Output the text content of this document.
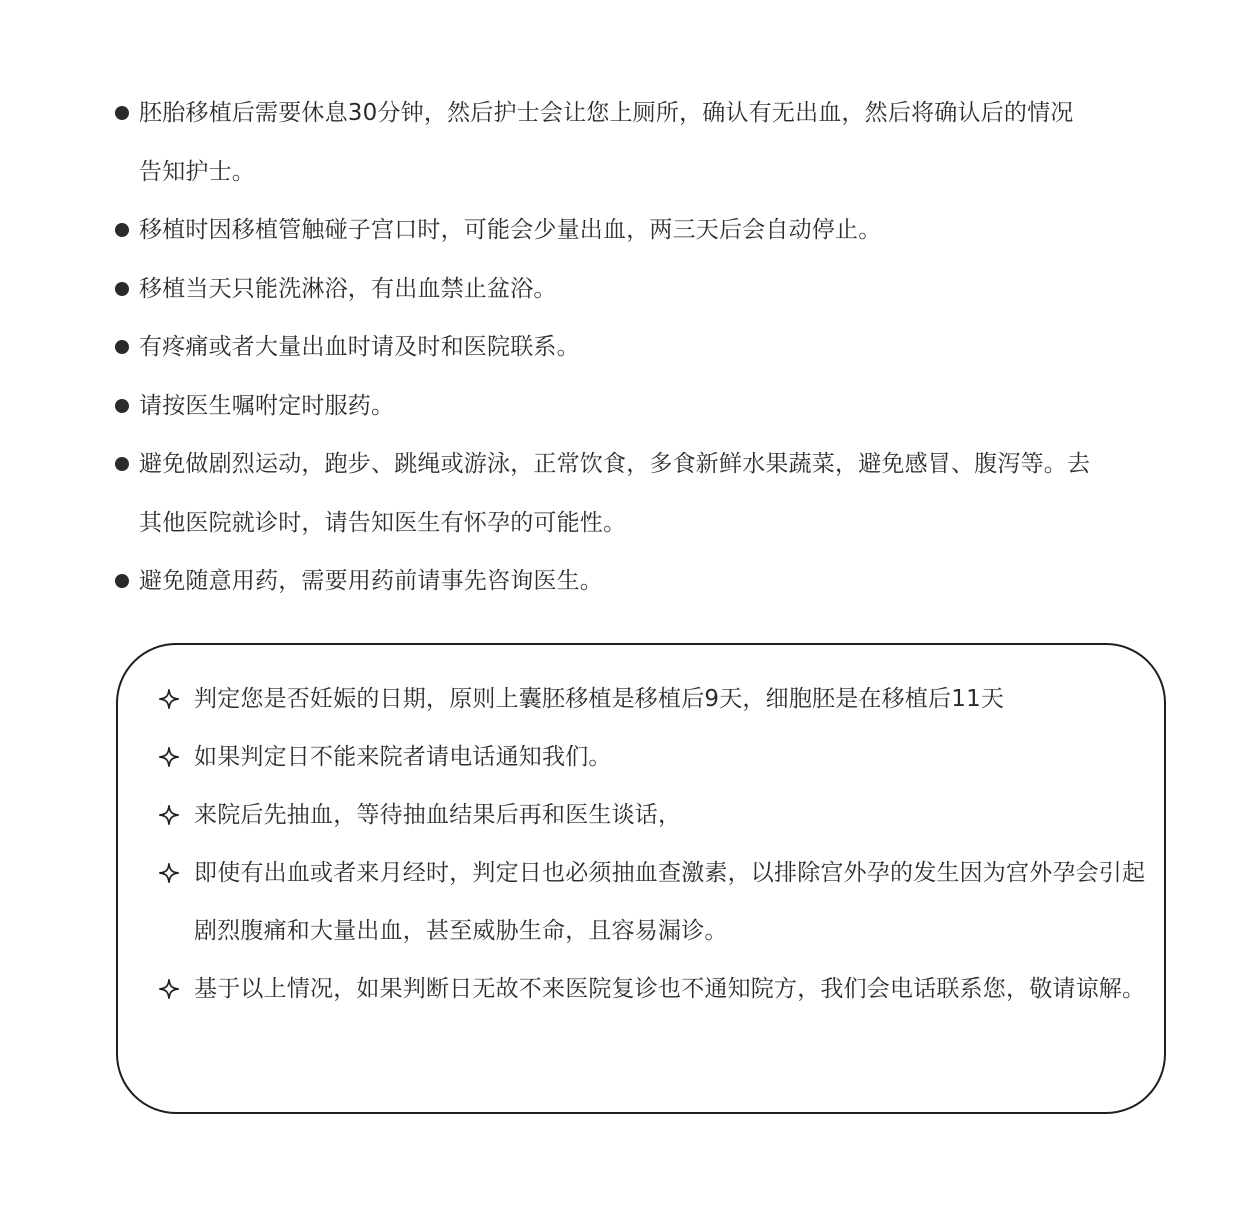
胚胎移植后需要休息30分钟，然后护士会让您上厕所，确认有无出血，然后将确认后的情况告知护士。
移植时因移植管触碰子宫口时，可能会少量出血，两三天后会自动停止。
移植当天只能洗淋浴，有出血禁止盆浴。
有疼痛或者大量出血时请及时和医院联系。
请按医生嘱咐定时服药。
避免做剧烈运动，跑步、跳绳或游泳，正常饮食，多食新鲜水果蔬菜，避免感冒、腹泻等。去其他医院就诊时，请告知医生有怀孕的可能性。
避免随意用药，需要用药前请事先咨询医生。
判定您是否妊娠的日期，原则上囊胚移植是移植后9天，细胞胚是在移植后11天
如果判定日不能来院者请电话通知我们。
来院后先抽血，等待抽血结果后再和医生谈话，
即使有出血或者来月经时，判定日也必须抽血查激素，以排除宫外孕的发生因为宫外孕会引起剧烈腹痛和大量出血，甚至威胁生命，且容易漏诊。
基于以上情况，如果判断日无故不来医院复诊也不通知院方，我们会电话联系您，敬请谅解。
